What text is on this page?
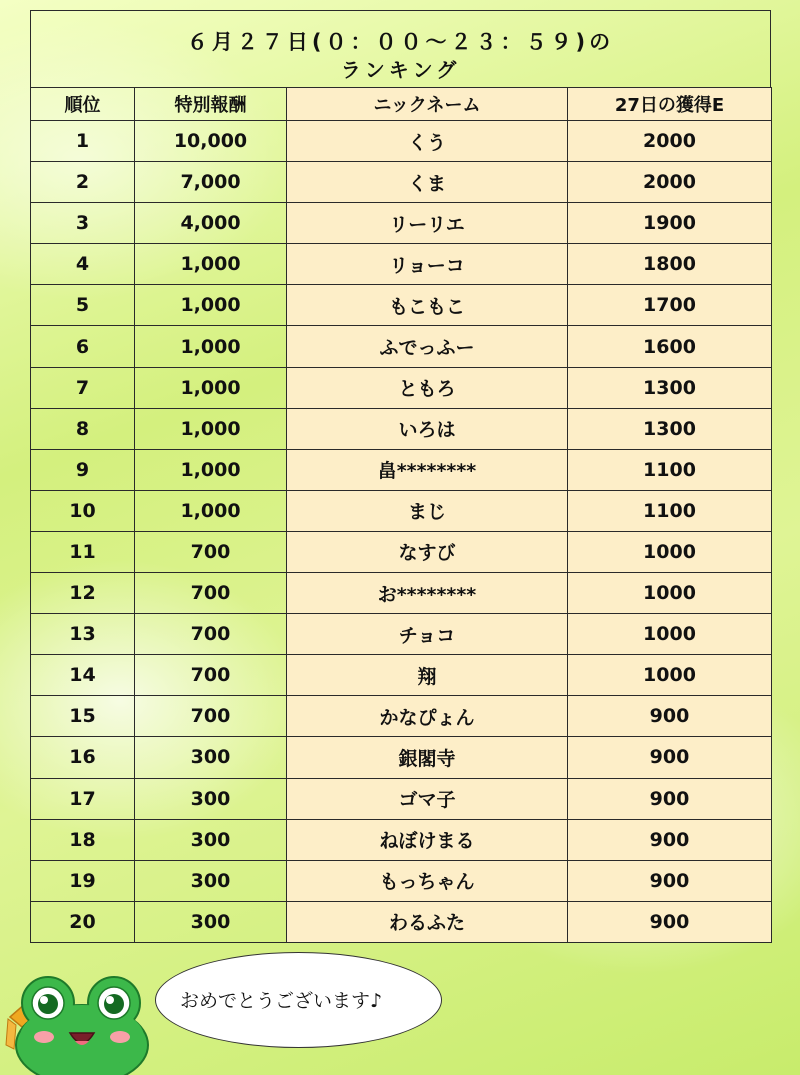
６月２７日(０：００〜２３：５９)の
ランキング
順位	特別報酬	ニックネーム	27日の獲得E
1	10,000	くう	2000
2	7,000	くま	2000
3	4,000	リーリエ	1900
4	1,000	リョーコ	1800
5	1,000	もこもこ	1700
6	1,000	ふでっふー	1600
7	1,000	ともろ	1300
8	1,000	いろは	1300
9	1,000	畠********	1100
10	1,000	まじ	1100
11	700	なすび	1000
12	700	お********	1000
13	700	チョコ	1000
14	700	翔	1000
15	700	かなぴょん	900
16	300	銀閣寺	900
17	300	ゴマ子	900
18	300	ねぼけまる	900
19	300	もっちゃん	900
20	300	わるふた	900
おめでとうございます♪
